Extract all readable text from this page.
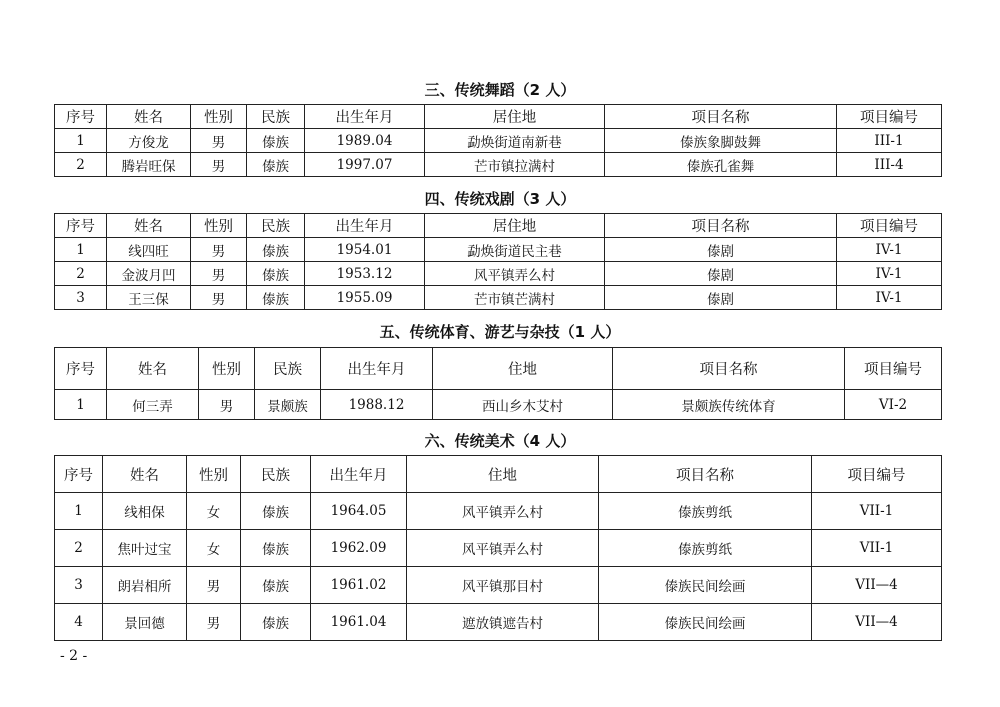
三、传统舞蹈（2 人）
序号	姓名	性别	民族	出生年月	居住地	项目名称	项目编号
1	方俊龙	男	傣族	1989.04	勐焕街道南新巷	傣族象脚鼓舞	III-1
2	腾岩旺保	男	傣族	1997.07	芒市镇拉满村	傣族孔雀舞	III-4
四、传统戏剧（3 人）
序号	姓名	性别	民族	出生年月	居住地	项目名称	项目编号
1	线四旺	男	傣族	1954.01	勐焕街道民主巷	傣剧	IV-1
2	金波月凹	男	傣族	1953.12	风平镇弄么村	傣剧	IV-1
3	王三保	男	傣族	1955.09	芒市镇芒满村	傣剧	IV-1
五、传统体育、游艺与杂技（1 人）
序号	姓名	性别	民族	出生年月	住地	项目名称	项目编号
1	何三弄	男	景颇族	1988.12	西山乡木艾村	景颇族传统体育	VI-2
六、传统美术（4 人）
序号	姓名	性别	民族	出生年月	住地	项目名称	项目编号
1	线相保	女	傣族	1964.05	风平镇弄么村	傣族剪纸	VII-1
2	焦叶过宝	女	傣族	1962.09	风平镇弄么村	傣族剪纸	VII-1
3	朗岩相所	男	傣族	1961.02	风平镇那目村	傣族民间绘画	VII—4
4	景回德	男	傣族	1961.04	遮放镇遮告村	傣族民间绘画	VII—4
- 2 -
